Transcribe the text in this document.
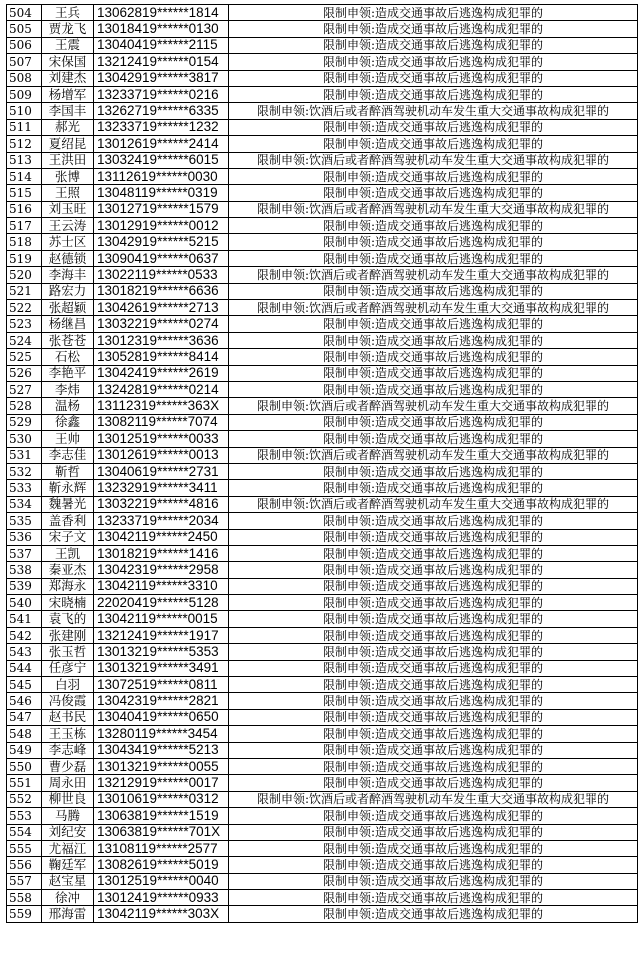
504	王兵	13062819******1814	限制申领:造成交通事故后逃逸构成犯罪的
505	贾龙飞	13018419******0130	限制申领:造成交通事故后逃逸构成犯罪的
506	王震	13040419******2115	限制申领:造成交通事故后逃逸构成犯罪的
507	宋保国	13212419******0154	限制申领:造成交通事故后逃逸构成犯罪的
508	刘建杰	13042919******3817	限制申领:造成交通事故后逃逸构成犯罪的
509	杨增军	13233719******0216	限制申领:造成交通事故后逃逸构成犯罪的
510	李国丰	13262719******6335	限制申领:饮酒后或者醉酒驾驶机动车发生重大交通事故构成犯罪的
511	郝光	13233719******1232	限制申领:造成交通事故后逃逸构成犯罪的
512	夏绍昆	13012619******2414	限制申领:造成交通事故后逃逸构成犯罪的
513	王洪田	13032419******6015	限制申领:饮酒后或者醉酒驾驶机动车发生重大交通事故构成犯罪的
514	张博	13112619******0030	限制申领:造成交通事故后逃逸构成犯罪的
515	王照	13048119******0319	限制申领:造成交通事故后逃逸构成犯罪的
516	刘玉旺	13012719******1579	限制申领:饮酒后或者醉酒驾驶机动车发生重大交通事故构成犯罪的
517	王云涛	13012919******0012	限制申领:造成交通事故后逃逸构成犯罪的
518	苏士区	13042919******5215	限制申领:造成交通事故后逃逸构成犯罪的
519	赵德锁	13090419******0637	限制申领:造成交通事故后逃逸构成犯罪的
520	李海丰	13022119******0533	限制申领:饮酒后或者醉酒驾驶机动车发生重大交通事故构成犯罪的
521	路宏力	13018219******6636	限制申领:造成交通事故后逃逸构成犯罪的
522	张超颖	13042619******2713	限制申领:饮酒后或者醉酒驾驶机动车发生重大交通事故构成犯罪的
523	杨继昌	13032219******0274	限制申领:造成交通事故后逃逸构成犯罪的
524	张苍苍	13012319******3636	限制申领:造成交通事故后逃逸构成犯罪的
525	石松	13052819******8414	限制申领:造成交通事故后逃逸构成犯罪的
526	李艳平	13042419******2619	限制申领:造成交通事故后逃逸构成犯罪的
527	李炜	13242819******0214	限制申领:造成交通事故后逃逸构成犯罪的
528	温杨	13112319******363X	限制申领:饮酒后或者醉酒驾驶机动车发生重大交通事故构成犯罪的
529	徐鑫	13082119******7074	限制申领:造成交通事故后逃逸构成犯罪的
530	王帅	13012519******0033	限制申领:造成交通事故后逃逸构成犯罪的
531	李志佳	13012619******0013	限制申领:饮酒后或者醉酒驾驶机动车发生重大交通事故构成犯罪的
532	靳哲	13040619******2731	限制申领:造成交通事故后逃逸构成犯罪的
533	靳永辉	13232919******3411	限制申领:造成交通事故后逃逸构成犯罪的
534	魏暑光	13032219******4816	限制申领:饮酒后或者醉酒驾驶机动车发生重大交通事故构成犯罪的
535	盖香利	13233719******2034	限制申领:造成交通事故后逃逸构成犯罪的
536	宋子文	13042119******2450	限制申领:造成交通事故后逃逸构成犯罪的
537	王凯	13018219******1416	限制申领:造成交通事故后逃逸构成犯罪的
538	秦亚杰	13042319******2958	限制申领:造成交通事故后逃逸构成犯罪的
539	郑海永	13042119******3310	限制申领:造成交通事故后逃逸构成犯罪的
540	宋晓楠	22020419******5128	限制申领:造成交通事故后逃逸构成犯罪的
541	袁飞的	13042119******0015	限制申领:造成交通事故后逃逸构成犯罪的
542	张建刚	13212419******1917	限制申领:造成交通事故后逃逸构成犯罪的
543	张玉哲	13013219******5353	限制申领:造成交通事故后逃逸构成犯罪的
544	任彦宁	13013219******3491	限制申领:造成交通事故后逃逸构成犯罪的
545	白羽	13072519******0811	限制申领:造成交通事故后逃逸构成犯罪的
546	冯俊霞	13042319******2821	限制申领:造成交通事故后逃逸构成犯罪的
547	赵书民	13040419******0650	限制申领:造成交通事故后逃逸构成犯罪的
548	王玉栋	13280119******3454	限制申领:造成交通事故后逃逸构成犯罪的
549	李志峰	13043419******5213	限制申领:造成交通事故后逃逸构成犯罪的
550	曹少磊	13013219******0055	限制申领:造成交通事故后逃逸构成犯罪的
551	周永田	13212919******0017	限制申领:造成交通事故后逃逸构成犯罪的
552	柳世良	13010619******0312	限制申领:饮酒后或者醉酒驾驶机动车发生重大交通事故构成犯罪的
553	马腾	13063819******1519	限制申领:造成交通事故后逃逸构成犯罪的
554	刘纪安	13063819******701X	限制申领:造成交通事故后逃逸构成犯罪的
555	尤福江	13108119******2577	限制申领:造成交通事故后逃逸构成犯罪的
556	鞠廷军	13082619******5019	限制申领:造成交通事故后逃逸构成犯罪的
557	赵宝星	13012519******0040	限制申领:造成交通事故后逃逸构成犯罪的
558	徐冲	13012419******0933	限制申领:造成交通事故后逃逸构成犯罪的
559	邢海雷	13042119******303X	限制申领:造成交通事故后逃逸构成犯罪的
